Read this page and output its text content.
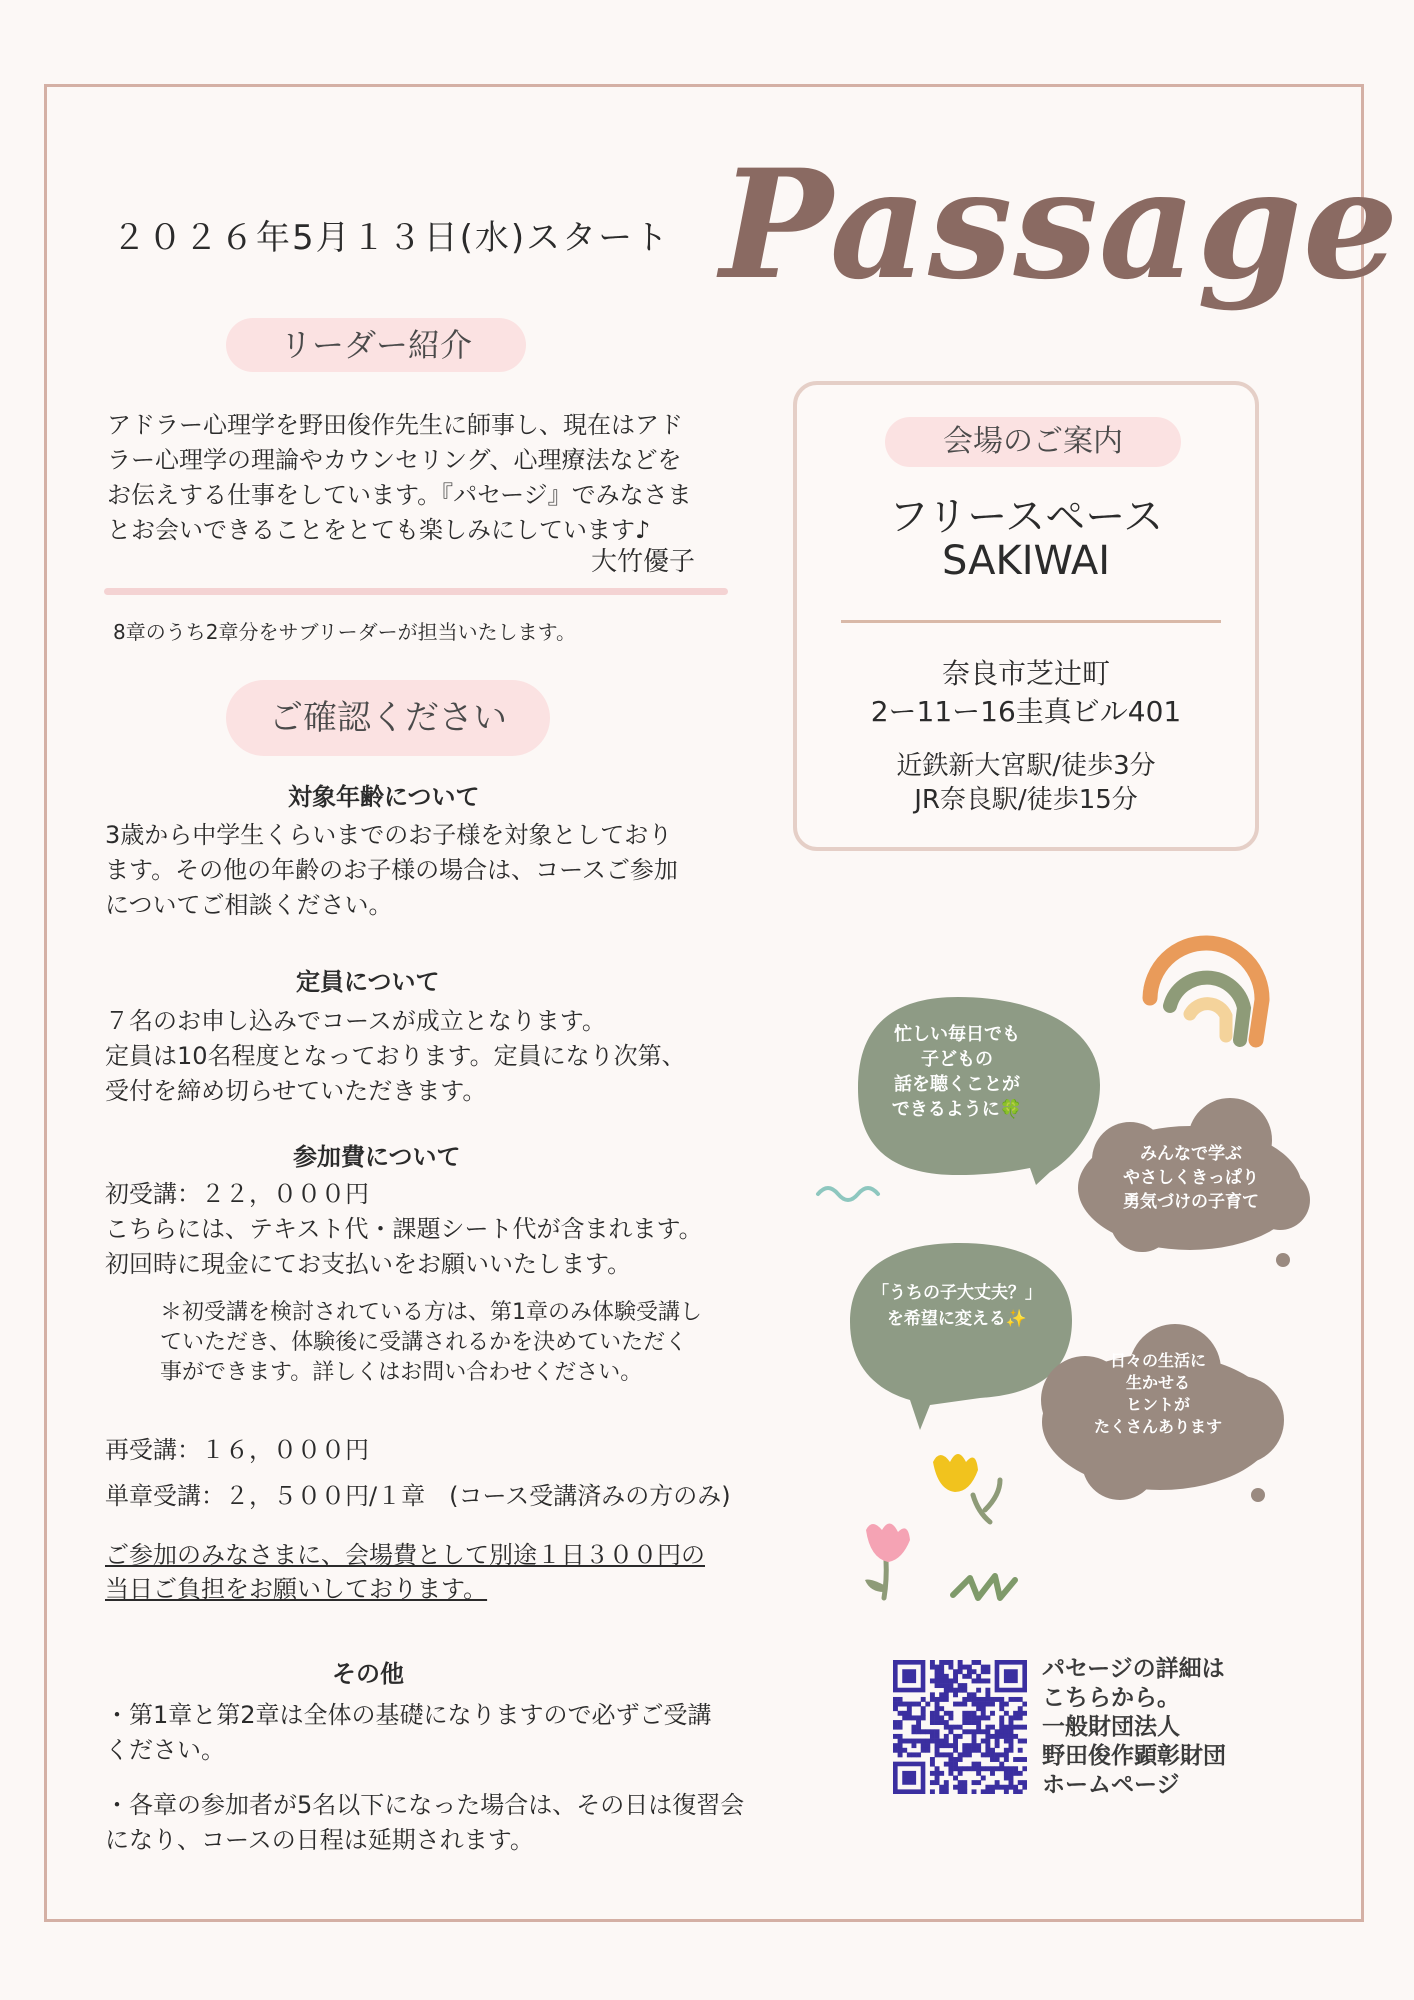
２０２６年5月１３日(水)スタート Passage
リーダー紹介
アドラー心理学を野田俊作先生に師事し、現在はアド
ラー心理学の理論やカウンセリング、心理療法などを
お伝えする仕事をしています。『パセージ』でみなさま
とお会いできることをとても楽しみにしています♪
大竹優子
8章のうち2章分をサブリーダーが担当いたします。
ご確認ください
対象年齢について
3歳から中学生くらいまでのお子様を対象としており
ます。その他の年齢のお子様の場合は、コースご参加
についてご相談ください。
定員について
７名のお申し込みでコースが成立となります。
定員は10名程度となっております。定員になり次第、
受付を締め切らせていただきます。
参加費について
初受講：２２，０００円
こちらには、テキスト代・課題シート代が含まれます。
初回時に現金にてお支払いをお願いいたします。
＊初受講を検討されている方は、第1章のみ体験受講し
ていただき、体験後に受講されるかを決めていただく
事ができます。詳しくはお問い合わせください。
再受講：１６，０００円
単章受講：２，５００円/１章　(コース受講済みの方のみ)
ご参加のみなさまに、会場費として別途１日３００円の
当日ご負担をお願いしております。
その他
・第1章と第2章は全体の基礎になりますので必ずご受講
ください。
・各章の参加者が5名以下になった場合は、その日は復習会
になり、コースの日程は延期されます。
会場のご案内
フリースペース
SAKIWAI
奈良市芝辻町
2ー11ー16圭真ビル401
近鉄新大宮駅/徒歩3分
JR奈良駅/徒歩15分
忙しい毎日でも
子どもの
話を聴くことが
できるように🍀
みんなで学ぶ
やさしくきっぱり
勇気づけの子育て
「うちの子大丈夫？」
を希望に変える✨
日々の生活に
生かせる
ヒントが
たくさんあります
パセージの詳細は
こちらから。
一般財団法人
野田俊作顕彰財団
ホームページ
